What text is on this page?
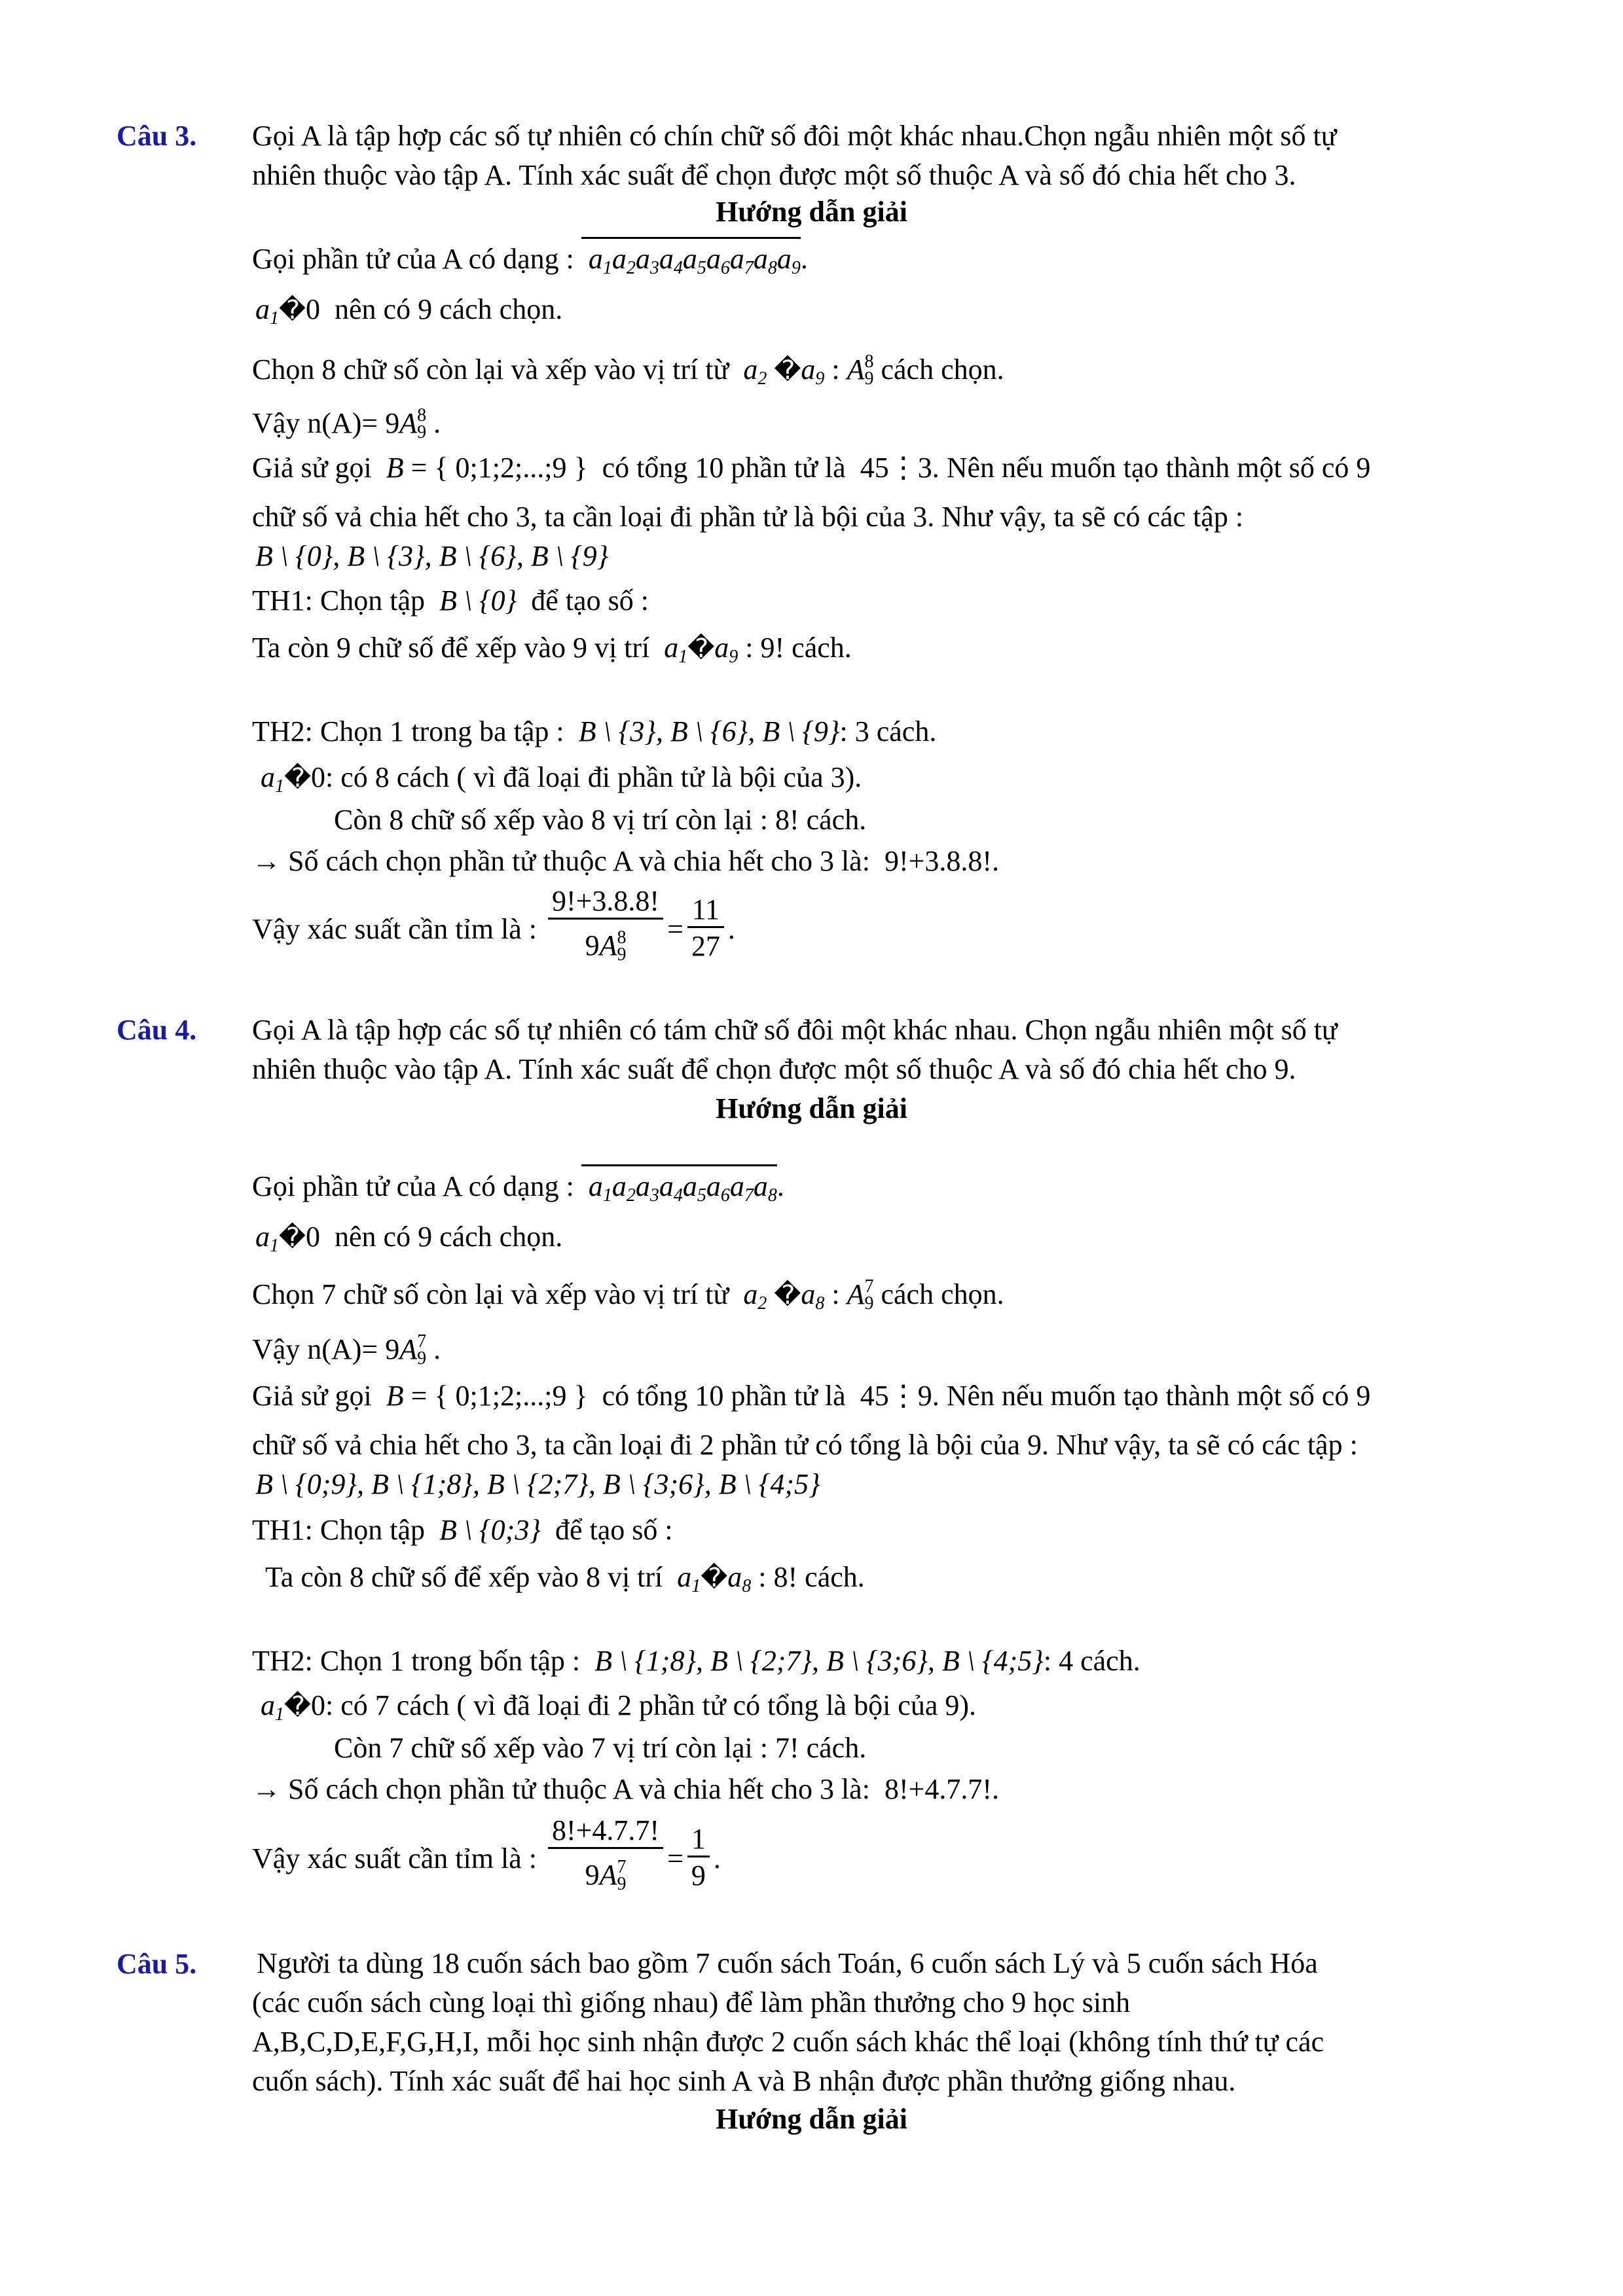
Câu 3. Gọi A là tập hợp các số tự nhiên có chín chữ số đôi một khác nhau.Chọn ngẫu nhiên một số tự
nhiên thuộc vào tập A. Tính xác suất để chọn được một số thuộc A và số đó chia hết cho 3.
Hướng dẫn giải
Gọi phần tử của A có dạng :  $a_1a_2a_3a_4a_5a_6a_7a_8a_9$.
$a_1�0$  nên có 9 cách chọn.
Chọn 8 chữ số còn lại và xếp vào vị trí từ $a_2$ $�a_9$ : $A^8_9$ cách chọn.
Vậy $n(A)= 9A^8_9$ .
Giả sử gọi B = { 0;1;2;...;9 }  có tổng 10 phần tử là  45⋮3. Nên nếu muốn tạo thành một số có 9
chữ số vả chia hết cho 3, ta cần loại đi phần tử là bội của 3. Như vậy, ta sẽ có các tập :
B \ {0}, B \ {3}, B \ {6}, B \ {9}
TH1: Chọn tập B \ {0} để tạo số :
Ta còn 9 chữ số để xếp vào 9 vị trí $a_1�a_9$ : 9! cách.
TH2: Chọn 1 trong ba tập : B \ {3}, B \ {6}, B \ {9}: 3 cách.
$a_1�0$: có 8 cách ( vì đã loại đi phần tử là bội của 3).
Còn 8 chữ số xếp vào 8 vị trí còn lại : 8! cách.
→ Số cách chọn phần tử thuộc A và chia hết cho 3 là: 9!+3.8.8!.
Vậy xác suất cần tỉm là : $\frac{9!+3.8.8!}{9A^8_9} = \frac{11}{27}$ .
Câu 4. Gọi A là tập hợp các số tự nhiên có tám chữ số đôi một khác nhau. Chọn ngẫu nhiên một số tự
nhiên thuộc vào tập A. Tính xác suất để chọn được một số thuộc A và số đó chia hết cho 9.
Hướng dẫn giải
Gọi phần tử của A có dạng :  $a_1a_2a_3a_4a_5a_6a_7a_8$.
$a_1�0$  nên có 9 cách chọn.
Chọn 7 chữ số còn lại và xếp vào vị trí từ $a_2$ $�a_8$ : $A^7_9$ cách chọn.
Vậy $n(A)= 9A^7_9$ .
Giả sử gọi B = { 0;1;2;...;9 }  có tổng 10 phần tử là  45⋮9. Nên nếu muốn tạo thành một số có 9
chữ số vả chia hết cho 3, ta cần loại đi 2 phần tử có tổng là bội của 9. Như vậy, ta sẽ có các tập :
B \ {0;9}, B \ {1;8}, B \ {2;7}, B \ {3;6}, B \ {4;5}
TH1: Chọn tập B \ {0;3} để tạo số :
Ta còn 8 chữ số để xếp vào 8 vị trí $a_1�a_8$ : 8! cách.
TH2: Chọn 1 trong bốn tập : B \ {1;8}, B \ {2;7}, B \ {3;6}, B \ {4;5}: 4 cách.
$a_1�0$: có 7 cách ( vì đã loại đi 2 phần tử có tổng là bội của 9).
Còn 7 chữ số xếp vào 7 vị trí còn lại : 7! cách.
→ Số cách chọn phần tử thuộc A và chia hết cho 3 là: 8!+4.7.7!.
Vậy xác suất cần tỉm là : $\frac{8!+4.7.7!}{9A^7_9} = \frac{1}{9}$ .
Câu 5. Người ta dùng 18 cuốn sách bao gồm 7 cuốn sách Toán, 6 cuốn sách Lý và 5 cuốn sách Hóa
(các cuốn sách cùng loại thì giống nhau) để làm phần thưởng cho 9 học sinh
A,B,C,D,E,F,G,H,I, mỗi học sinh nhận được 2 cuốn sách khác thể loại (không tính thứ tự các
cuốn sách). Tính xác suất để hai học sinh A và B nhận được phần thưởng giống nhau.
Hướng dẫn giải
